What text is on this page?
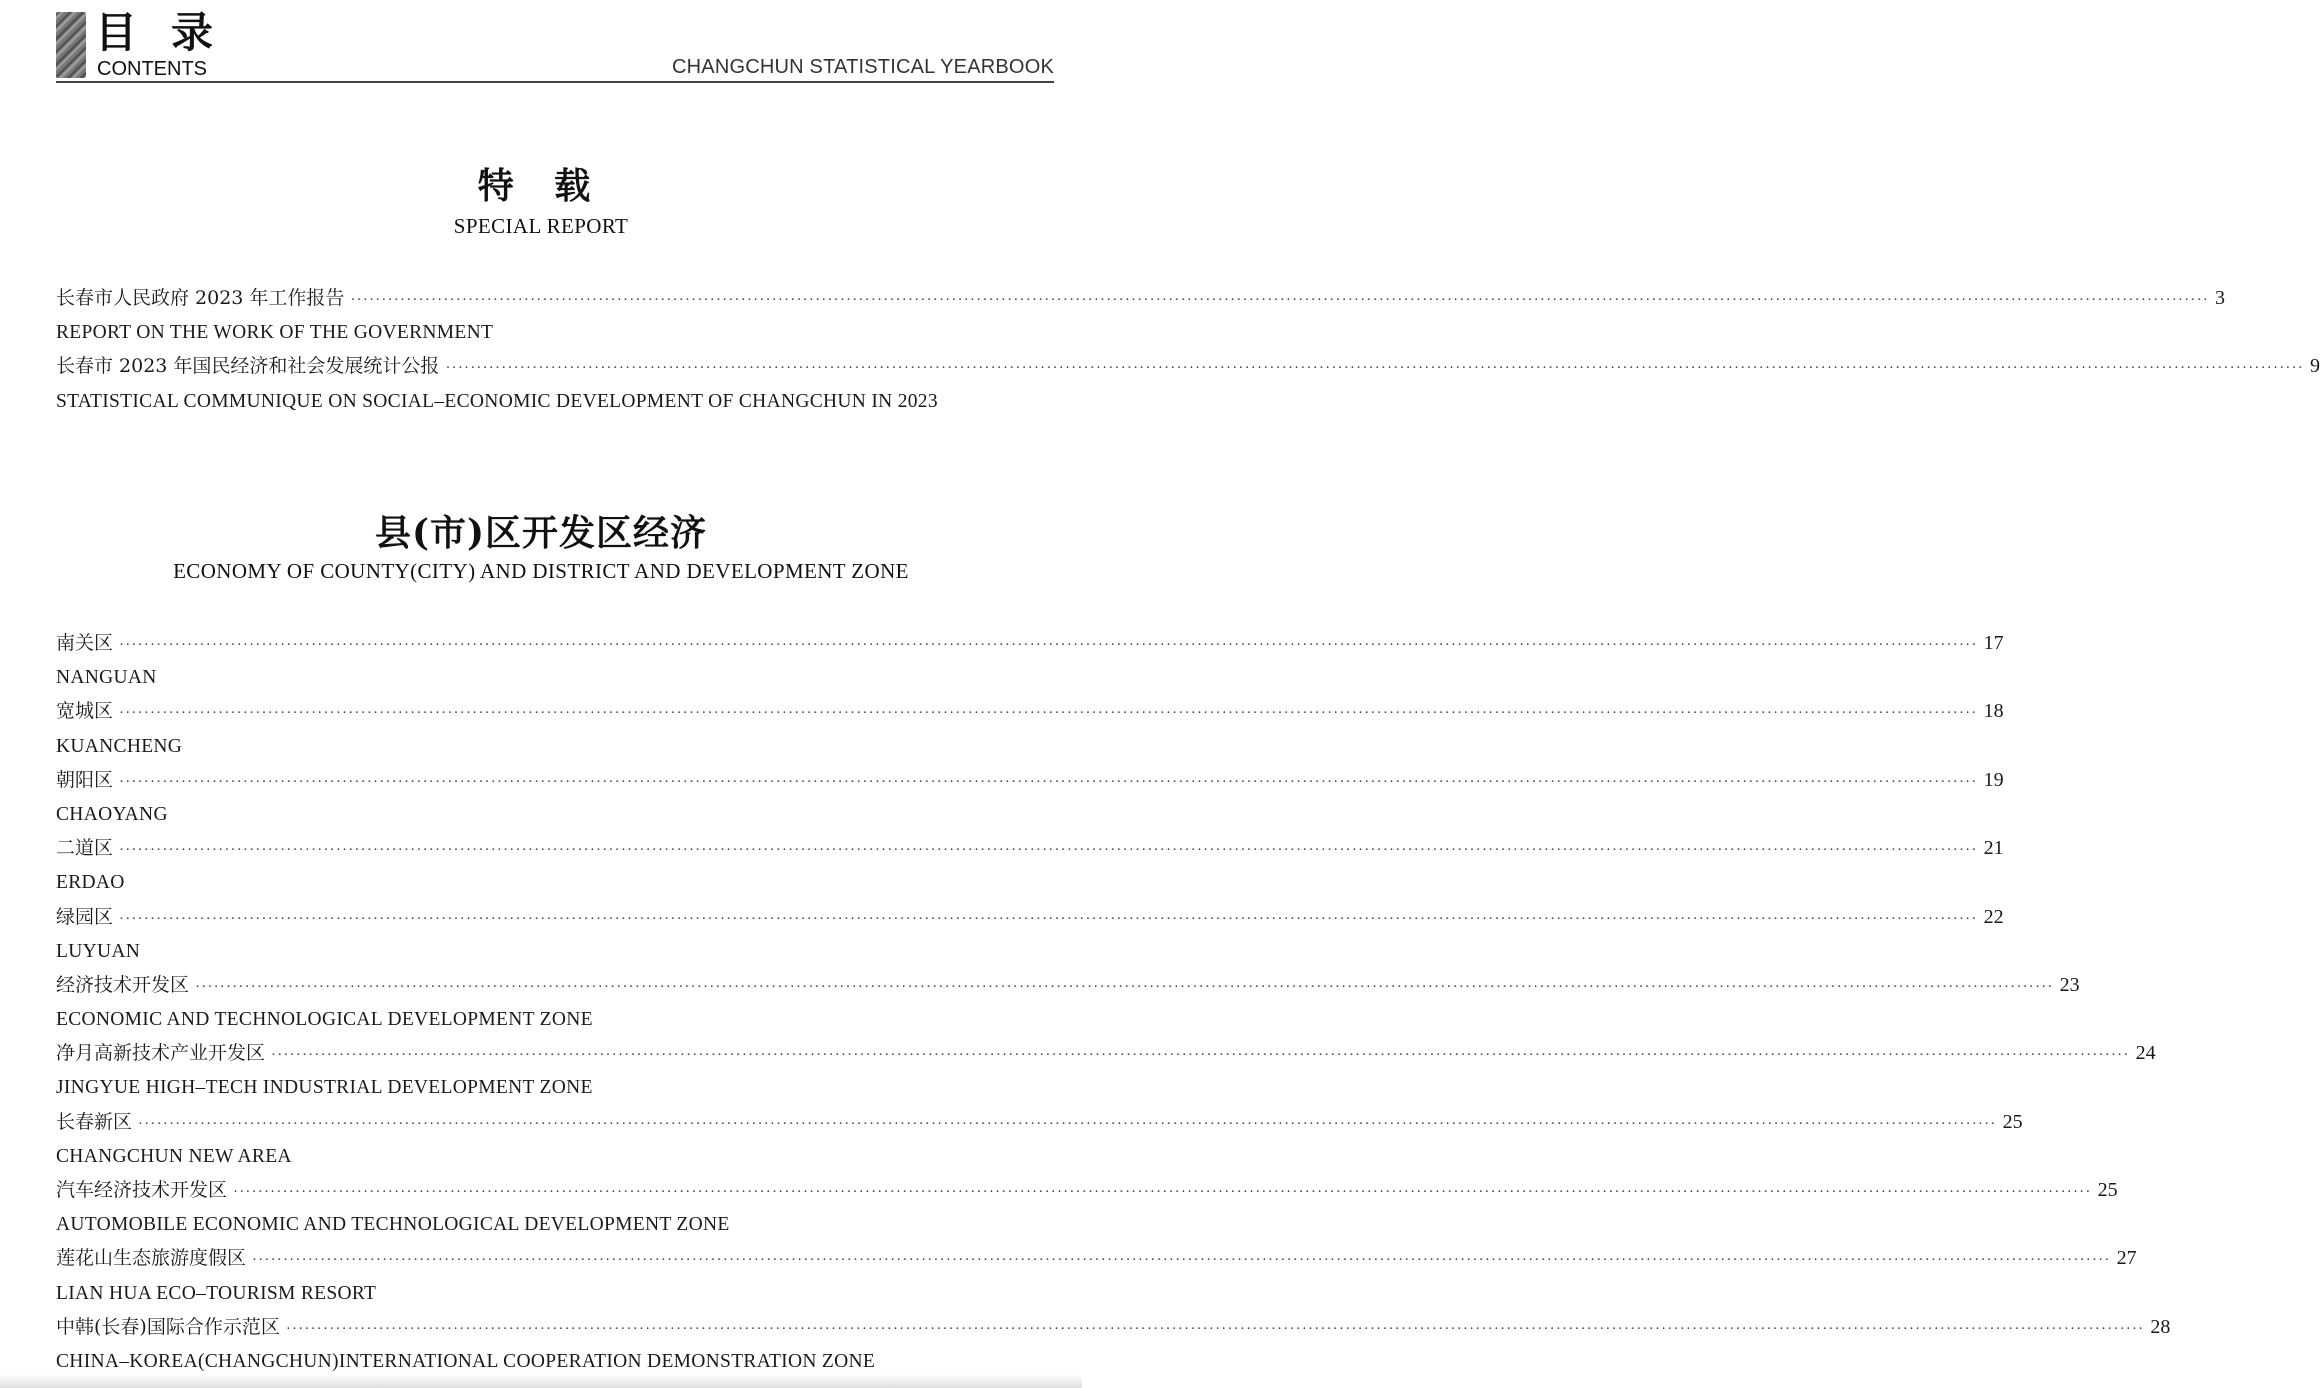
目录
CONTENTS	CHANGCHUN STATISTICAL YEARBOOK
特 载
SPECIAL REPORT
长春市人民政府 2023 年工作报告 ············································································································································································································································································································ 3
REPORT ON THE WORK OF THE GOVERNMENT
长春市 2023 年国民经济和社会发展统计公报 ············································································································································································································································································································ 9
STATISTICAL COMMUNIQUE ON SOCIAL–ECONOMIC DEVELOPMENT OF CHANGCHUN IN 2023
县(市)区开发区经济
ECONOMY OF COUNTY(CITY) AND DISTRICT AND DEVELOPMENT ZONE
南关区 ············································································································································································································································································································ 17
NANGUAN
宽城区 ············································································································································································································································································································ 18
KUANCHENG
朝阳区 ············································································································································································································································································································ 19
CHAOYANG
二道区 ············································································································································································································································································································ 21
ERDAO
绿园区 ············································································································································································································································································································ 22
LUYUAN
经济技术开发区 ············································································································································································································································································································ 23
ECONOMIC AND TECHNOLOGICAL DEVELOPMENT ZONE
净月高新技术产业开发区 ············································································································································································································································································································ 24
JINGYUE HIGH–TECH INDUSTRIAL DEVELOPMENT ZONE
长春新区 ············································································································································································································································································································ 25
CHANGCHUN NEW AREA
汽车经济技术开发区 ············································································································································································································································································································ 25
AUTOMOBILE ECONOMIC AND TECHNOLOGICAL DEVELOPMENT ZONE
莲花山生态旅游度假区 ············································································································································································································································································································ 27
LIAN HUA ECO–TOURISM RESORT
中韩(长春)国际合作示范区 ············································································································································································································································································································ 28
CHINA–KOREA(CHANGCHUN)INTERNATIONAL COOPERATION DEMONSTRATION ZONE
